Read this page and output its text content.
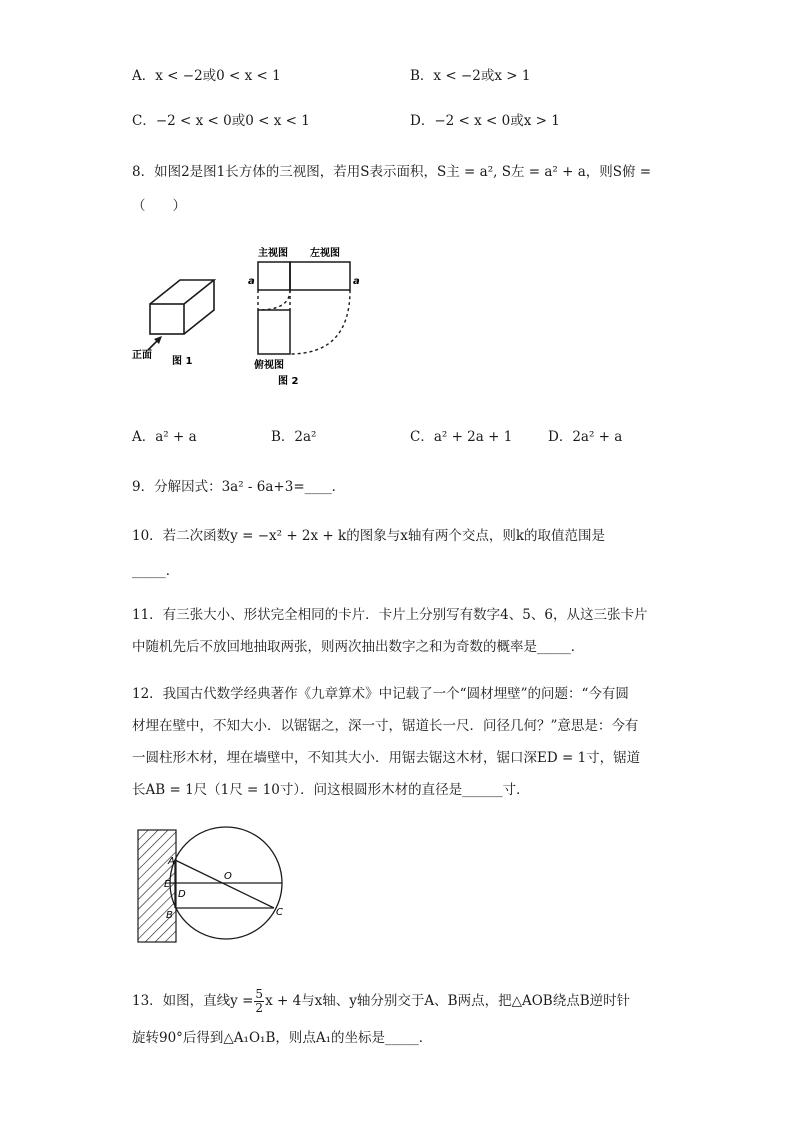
A．x < −2或0 < x < 1	B．x < −2或x > 1
C．−2 < x < 0或0 < x < 1	D．−2 < x < 0或x > 1
8．如图2是图1长方体的三视图，若用S表示面积，S主 = a², S左 = a² + a，则S俯 =
（　　）
正面
图 1
主视图 左视图
a	a
俯视图
图 2
A．a² + a	B．2a²	C．a² + 2a + 1	D．2a² + a
9．分解因式：3a² - 6a+3=____．
10．若二次函数y = −x² + 2x + k的图象与x轴有两个交点，则k的取值范围是
_____．
11．有三张大小、形状完全相同的卡片．卡片上分别写有数字4、5、6，从这三张卡片
中随机先后不放回地抽取两张，则两次抽出数字之和为奇数的概率是_____．
12．我国古代数学经典著作《九章算术》中记载了一个“圆材埋壁”的问题：“今有圆
材埋在壁中，不知大小．以锯锯之，深一寸，锯道长一尺．问径几何？”意思是：今有
一圆柱形木材，埋在墙壁中，不知其大小．用锯去锯这木材，锯口深ED = 1寸，锯道
长AB = 1尺（1尺 = 10寸）．问这根圆形木材的直径是______寸．
A
O
E
D
B	C
13．如图，直线$y = \frac{5}{2}$ x + 4与x轴、y轴分别交于A、B两点，把△AOB绕点B逆时针
旋转90°后得到△A₁O₁B，则点A₁的坐标是_____．
